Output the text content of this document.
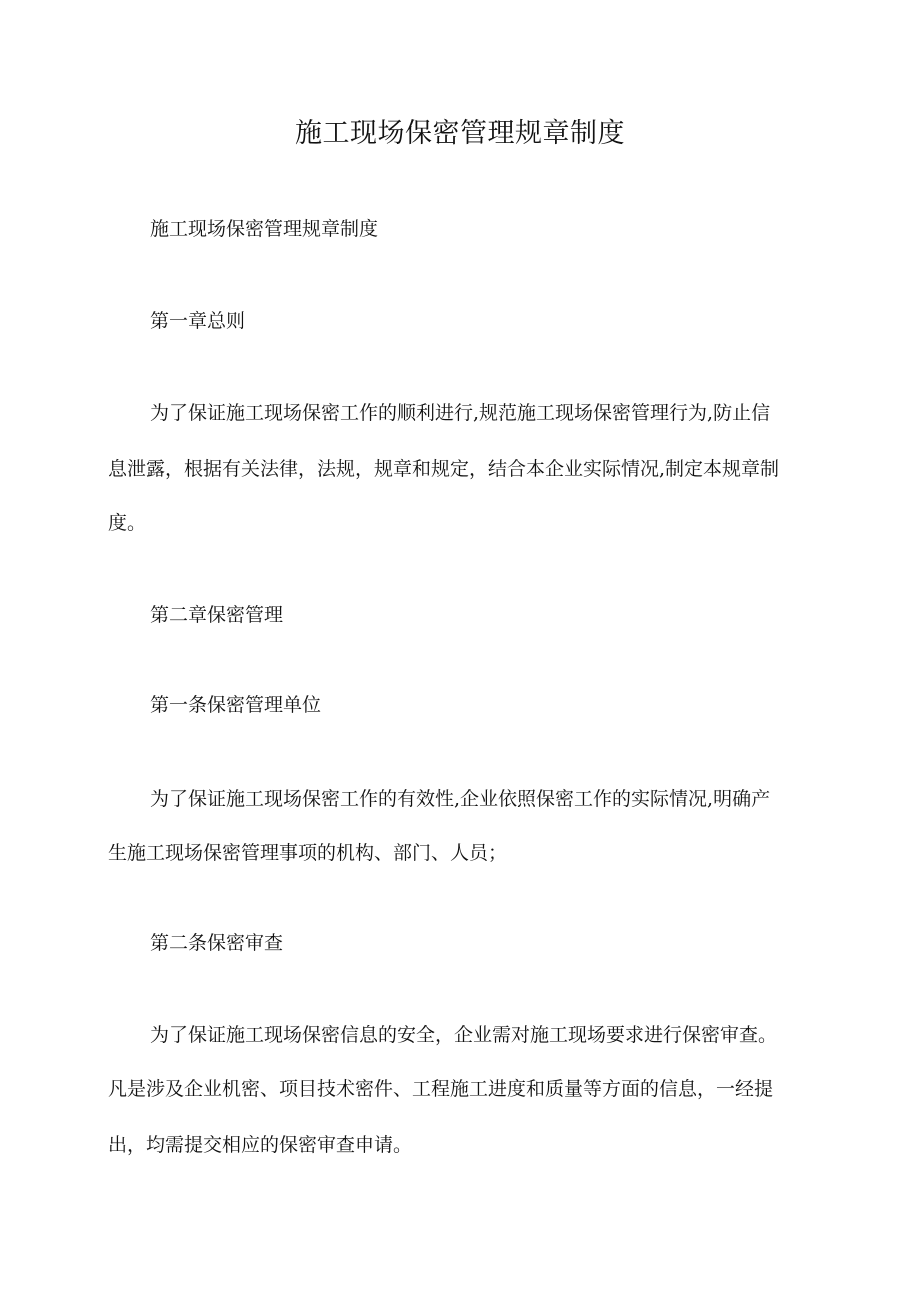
施工现场保密管理规章制度
施工现场保密管理规章制度
第一章总则
为了保证施工现场保密工作的顺利进行,规范施工现场保密管理行为,防止信
息泄露，根据有关法律，法规，规章和规定，结合本企业实际情况,制定本规章制
度。
第二章保密管理
第一条保密管理单位
为了保证施工现场保密工作的有效性,企业依照保密工作的实际情况,明确产
生施工现场保密管理事项的机构、部门、人员；
第二条保密审查
为了保证施工现场保密信息的安全，企业需对施工现场要求进行保密审查。
凡是涉及企业机密、项目技术密件、工程施工进度和质量等方面的信息，一经提
出，均需提交相应的保密审查申请。
